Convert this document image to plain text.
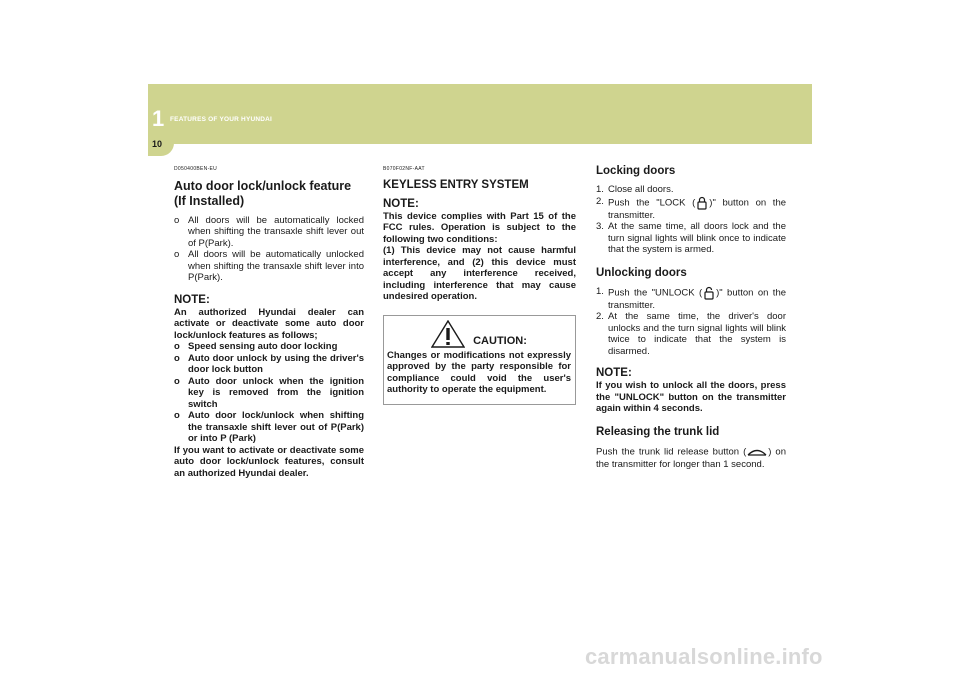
1 FEATURES OF YOUR HYUNDAI
10
D050400BEN-EU
Auto door lock/unlock feature (If Installed)
o All doors will be automatically locked when shifting the transaxle shift lever out of P(Park).
o All doors will be automatically unlocked when shifting the transaxle shift lever into P(Park).
NOTE:
An authorized Hyundai dealer can activate or deactivate some auto door lock/unlock features as follows;
o Speed sensing auto door locking
o Auto door unlock by using the driver's door lock button
o Auto door unlock when the ignition key is removed from the ignition switch
o Auto door lock/unlock when shifting the transaxle shift lever out of P(Park) or into P (Park)
If you want to activate or deactivate some auto door lock/unlock features, consult an authorized Hyundai dealer.
B070F02NF-AAT
KEYLESS ENTRY SYSTEM
NOTE:
This device complies with Part 15 of the FCC rules. Operation is subject to the following two conditions:
(1) This device may not cause harmful interference, and (2) this device must accept any interference received, including interference that may cause undesired operation.
CAUTION:
Changes or modifications not expressly approved by the party responsible for compliance could void the user's authority to operate the equipment.
Locking doors
1. Close all doors.
2. Push the "LOCK ( )" button on the transmitter.
3. At the same time, all doors lock and the turn signal lights will blink once to indicate that the system is armed.
Unlocking doors
1. Push the "UNLOCK ( )" button on the transmitter.
2. At the same time, the driver's door unlocks and the turn signal lights will blink twice to indicate that the system is disarmed.
NOTE:
If you wish to unlock all the doors, press the "UNLOCK" button on the transmitter again within 4 seconds.
Releasing the trunk lid
Push the trunk lid release button ( ) on the transmitter for longer than 1 second.
carmanualsonline.info
